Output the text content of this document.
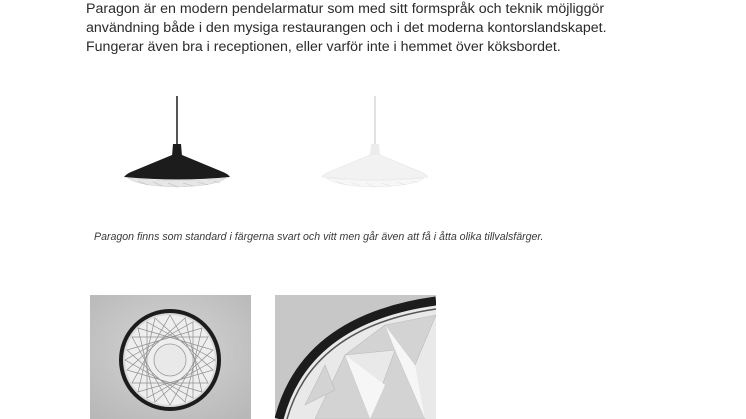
Paragon är en modern pendelarmatur som med sitt formspråk och teknik möjliggör
användning både i den mysiga restaurangen och i det moderna kontorslandskapet.
Fungerar även bra i receptionen, eller varför inte i hemmet över köksbordet.
Paragon finns som standard i färgerna svart och vitt men går även att få i åtta olika tillvalsfärger.
